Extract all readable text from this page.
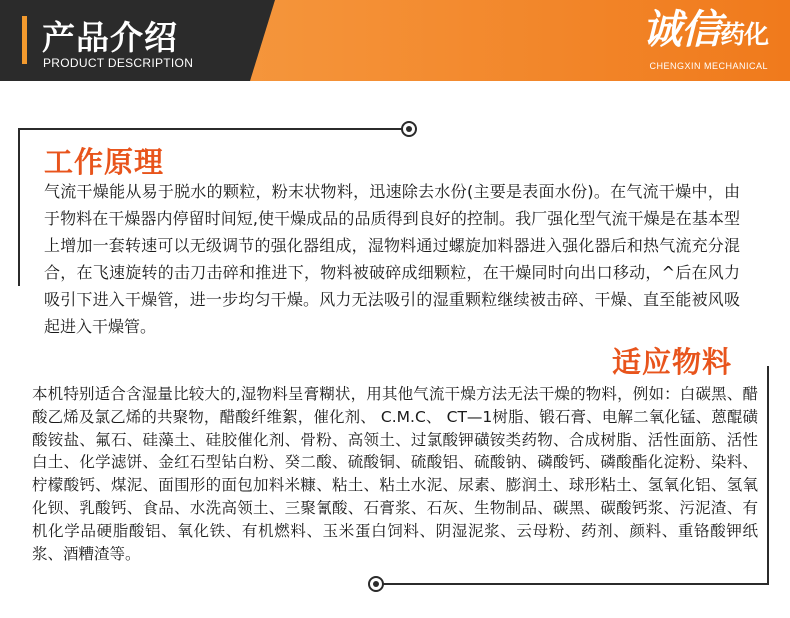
产品介绍
PRODUCT DESCRIPTION
诚信药化
CHENGXIN MECHANICAL
工作原理
气流干燥能从易于脱水的颗粒，粉末状物料，迅速除去水份(主要是表面水份)。在气流干燥中，由于物料在干燥器内停留时间短,使干燥成品的品质得到良好的控制。我厂强化型气流干燥是在基本型上增加一套转速可以无级调节的强化器组成，湿物料通过螺旋加料器进入强化器后和热气流充分混合，在飞速旋转的击刀击碎和推进下，物料被破碎成细颗粒，在干燥同时向出口移动，^后在风力吸引下进入干燥管，进一步均匀干燥。风力无法吸引的湿重颗粒继续被击碎、干燥、直至能被风吸起进入干燥管。
适应物料
本机特别适合含湿量比较大的,湿物料呈膏糊状，用其他气流干燥方法无法干燥的物料，例如：白碳黑、醋酸乙烯及氯乙烯的共聚物，醋酸纤维絮，催化剂、 C.M.C、 CT—1树脂、锻石膏、电解二氧化锰、蒽醌磺酸铵盐、氟石、硅藻土、硅胶催化剂、骨粉、高领土、过氯酸钾磺铵类药物、合成树脂、活性面筋、活性白土、化学滤饼、金红石型钻白粉、癸二酸、硫酸铜、硫酸铝、硫酸钠、磷酸钙、磷酸酯化淀粉、染料、柠檬酸钙、煤泥、面围形的面包加料米糠、粘土、粘土水泥、尿素、膨润土、球形粘土、氢氧化铝、氢氧化钡、乳酸钙、食品、水洗高领土、三聚氰酸、石膏浆、石灰、生物制品、碳黑、碳酸钙浆、污泥渣、有机化学品硬脂酸铝、氧化铁、有机燃料、玉米蛋白饲料、阴湿泥浆、云母粉、药剂、颜料、重铬酸钾纸浆、酒糟渣等。
